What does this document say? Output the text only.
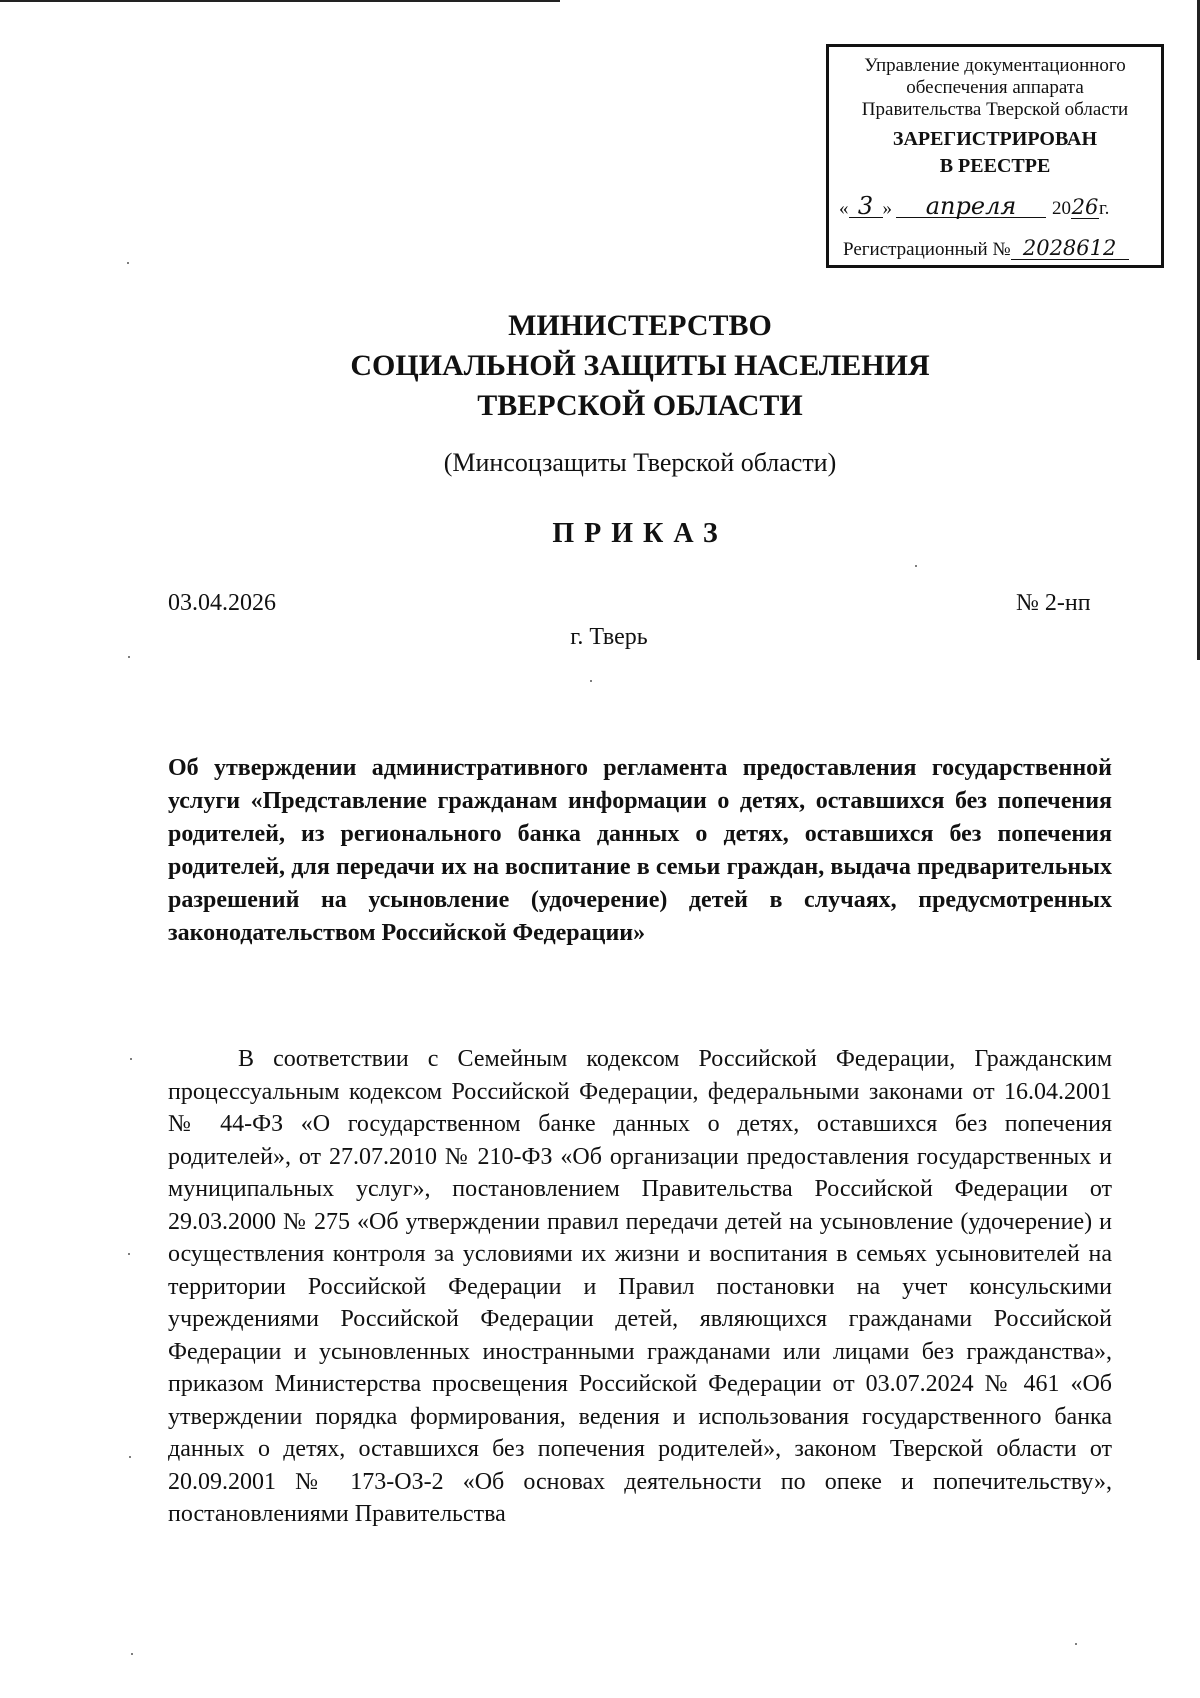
Управление документационного
обеспечения аппарата
Правительства Тверской области
ЗАРЕГИСТРИРОВАН
В РЕЕСТРЕ
« 3 » апреля 2026г.
Регистрационный № 2028612
МИНИСТЕРСТВО
СОЦИАЛЬНОЙ ЗАЩИТЫ НАСЕЛЕНИЯ
ТВЕРСКОЙ ОБЛАСТИ
(Минсоцзащиты Тверской области)
ПРИКАЗ
03.04.2026	№ 2-нп
г. Тверь
Об утверждении административного регламента предоставления государственной услуги «Представление гражданам информации о детях, оставшихся без попечения родителей, из регионального банка данных о детях, оставшихся без попечения родителей, для передачи их на воспитание в семьи граждан, выдача предварительных разрешений на усыновление (удочерение) детей в случаях, предусмотренных законодательством Российской Федерации»

В соответствии с Семейным кодексом Российской Федерации, Гражданским процессуальным кодексом Российской Федерации, федеральными законами от 16.04.2001 № 44-ФЗ «О государственном банке данных о детях, оставшихся без попечения родителей», от 27.07.2010 № 210-ФЗ «Об организации предоставления государственных и муниципальных услуг», постановлением Правительства Российской Федерации от 29.03.2000 № 275 «Об утверждении правил передачи детей на усыновление (удочерение) и осуществления контроля за условиями их жизни и воспитания в семьях усыновителей на территории Российской Федерации и Правил постановки на учет консульскими учреждениями Российской Федерации детей, являющихся гражданами Российской Федерации и усыновленных иностранными гражданами или лицами без гражданства», приказом Министерства просвещения Российской Федерации от 03.07.2024 № 461 «Об утверждении порядка формирования, ведения и использования государственного банка данных о детях, оставшихся без попечения родителей», законом Тверской области от 20.09.2001 № 173-ОЗ-2 «Об основах деятельности по опеке и попечительству», постановлениями Правительства
